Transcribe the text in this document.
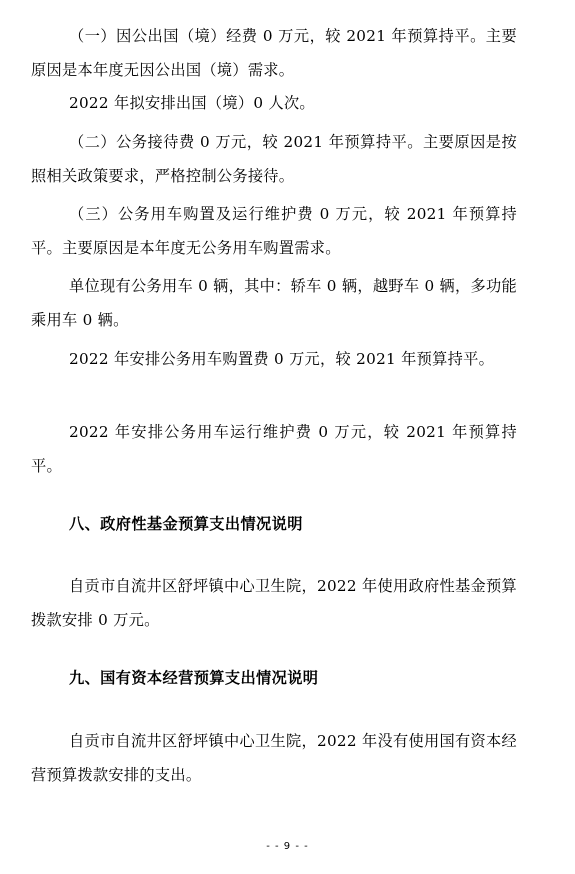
（一）因公出国（境）经费 0 万元，较 2021 年预算持平。主要原因是本年度无因公出国（境）需求。

2022 年拟安排出国（境）0 人次。

（二）公务接待费 0 万元，较 2021 年预算持平。主要原因是按照相关政策要求，严格控制公务接待。

（三）公务用车购置及运行维护费 0 万元，较 2021 年预算持平。主要原因是本年度无公务用车购置需求。

单位现有公务用车 0 辆，其中：轿车 0 辆，越野车 0 辆，多功能乘用车 0 辆。

2022 年安排公务用车购置费 0 万元，较 2021 年预算持平。

2022 年安排公务用车运行维护费 0 万元，较 2021 年预算持平。

八、政府性基金预算支出情况说明

自贡市自流井区舒坪镇中心卫生院，2022 年使用政府性基金预算拨款安排 0 万元。

九、国有资本经营预算支出情况说明

自贡市自流井区舒坪镇中心卫生院，2022 年没有使用国有资本经营预算拨款安排的支出。

- - 9 - -
